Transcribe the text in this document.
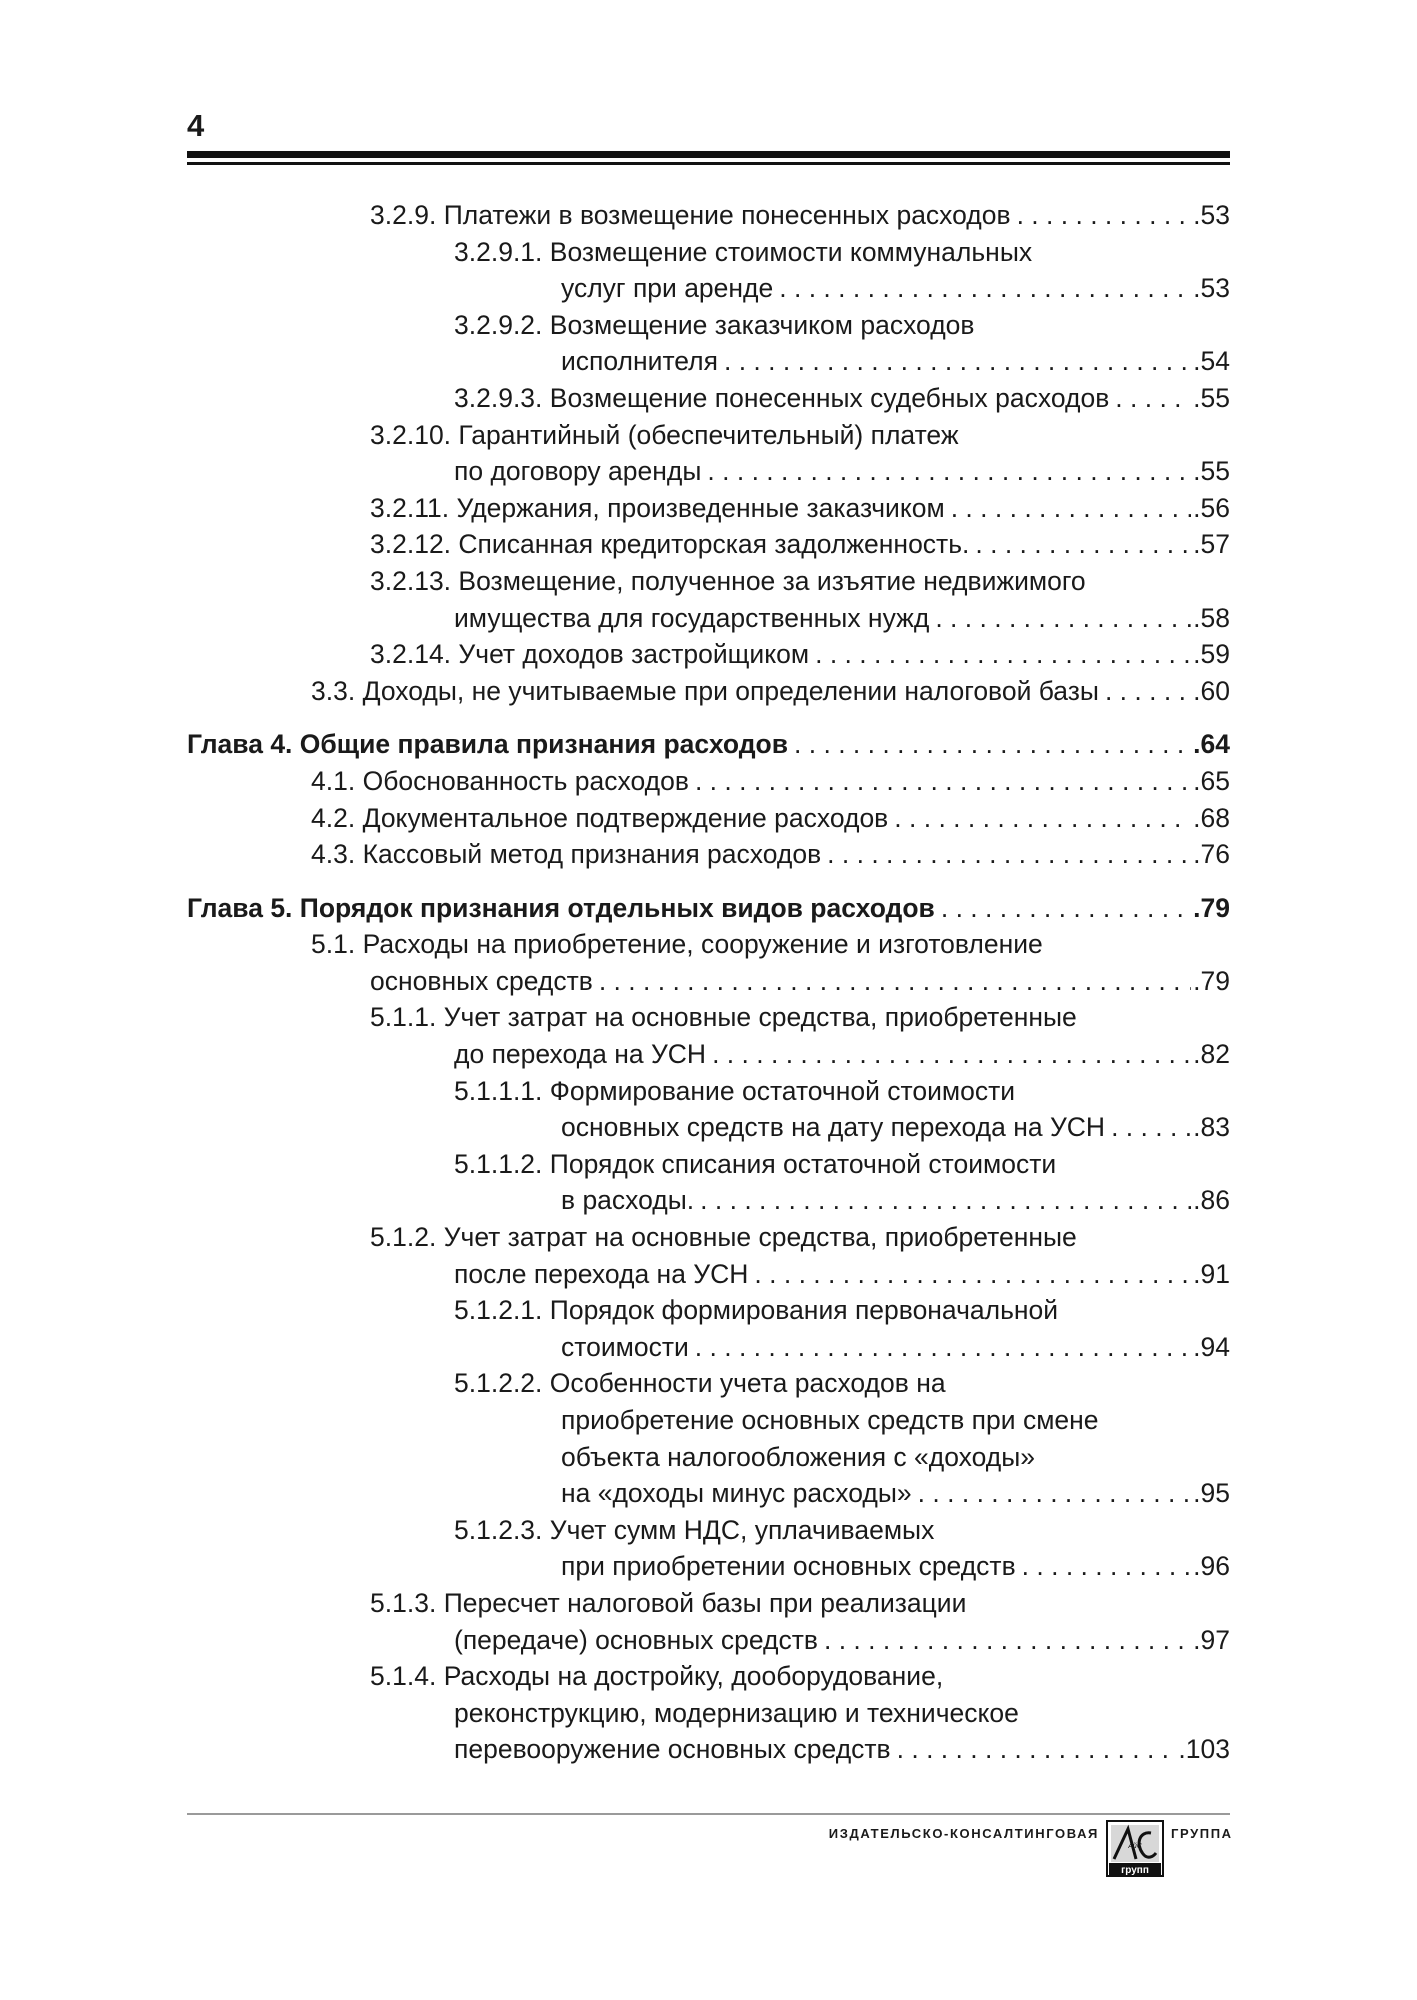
4
3.2.9. Платежи в возмещение понесенных расходов . . .	.53
3.2.9.1. Возмещение стоимости коммунальных
услуг при аренде . . .	.53
3.2.9.2. Возмещение заказчиком расходов
исполнителя . . .	.54
3.2.9.3. Возмещение понесенных судебных расходов . . .	.55
3.2.10. Гарантийный (обеспечительный) платеж
по договору аренды . . .	.55
3.2.11. Удержания, произведенные заказчиком . . .	.56
3.2.12. Списанная кредиторская задолженность. . . .	.57
3.2.13. Возмещение, полученное за изъятие недвижимого
имущества для государственных нужд . . .	.58
3.2.14. Учет доходов застройщиком . . .	.59
3.3. Доходы, не учитываемые при определении налоговой базы . . .	.60
Глава 4. Общие правила признания расходов . . .	.64
4.1. Обоснованность расходов . . .	.65
4.2. Документальное подтверждение расходов . . .	.68
4.3. Кассовый метод признания расходов . . .	.76
Глава 5. Порядок признания отдельных видов расходов . . .	.79
5.1. Расходы на приобретение, сооружение и изготовление
основных средств . . .	.79
5.1.1. Учет затрат на основные средства, приобретенные
до перехода на УСН . . .	.82
5.1.1.1. Формирование остаточной стоимости
основных средств на дату перехода на УСН . . .	.83
5.1.1.2. Порядок списания остаточной стоимости
в расходы. . . .	.86
5.1.2. Учет затрат на основные средства, приобретенные
после перехода на УСН . . .	.91
5.1.2.1. Порядок формирования первоначальной
стоимости . . .	.94
5.1.2.2. Особенности учета расходов на
приобретение основных средств при смене
объекта налогообложения с «доходы»
на «доходы минус расходы» . . .	.95
5.1.2.3. Учет сумм НДС, уплачиваемых
при приобретении основных средств . . .	.96
5.1.3. Пересчет налоговой базы при реализации
(передаче) основных средств . . .	.97
5.1.4. Расходы на достройку, дооборудование,
реконструкцию, модернизацию и техническое
перевооружение основных средств . . .	.103
ИЗДАТЕЛЬСКО-КОНСАЛТИНГОВАЯ
АйС
групп
ГРУППА
